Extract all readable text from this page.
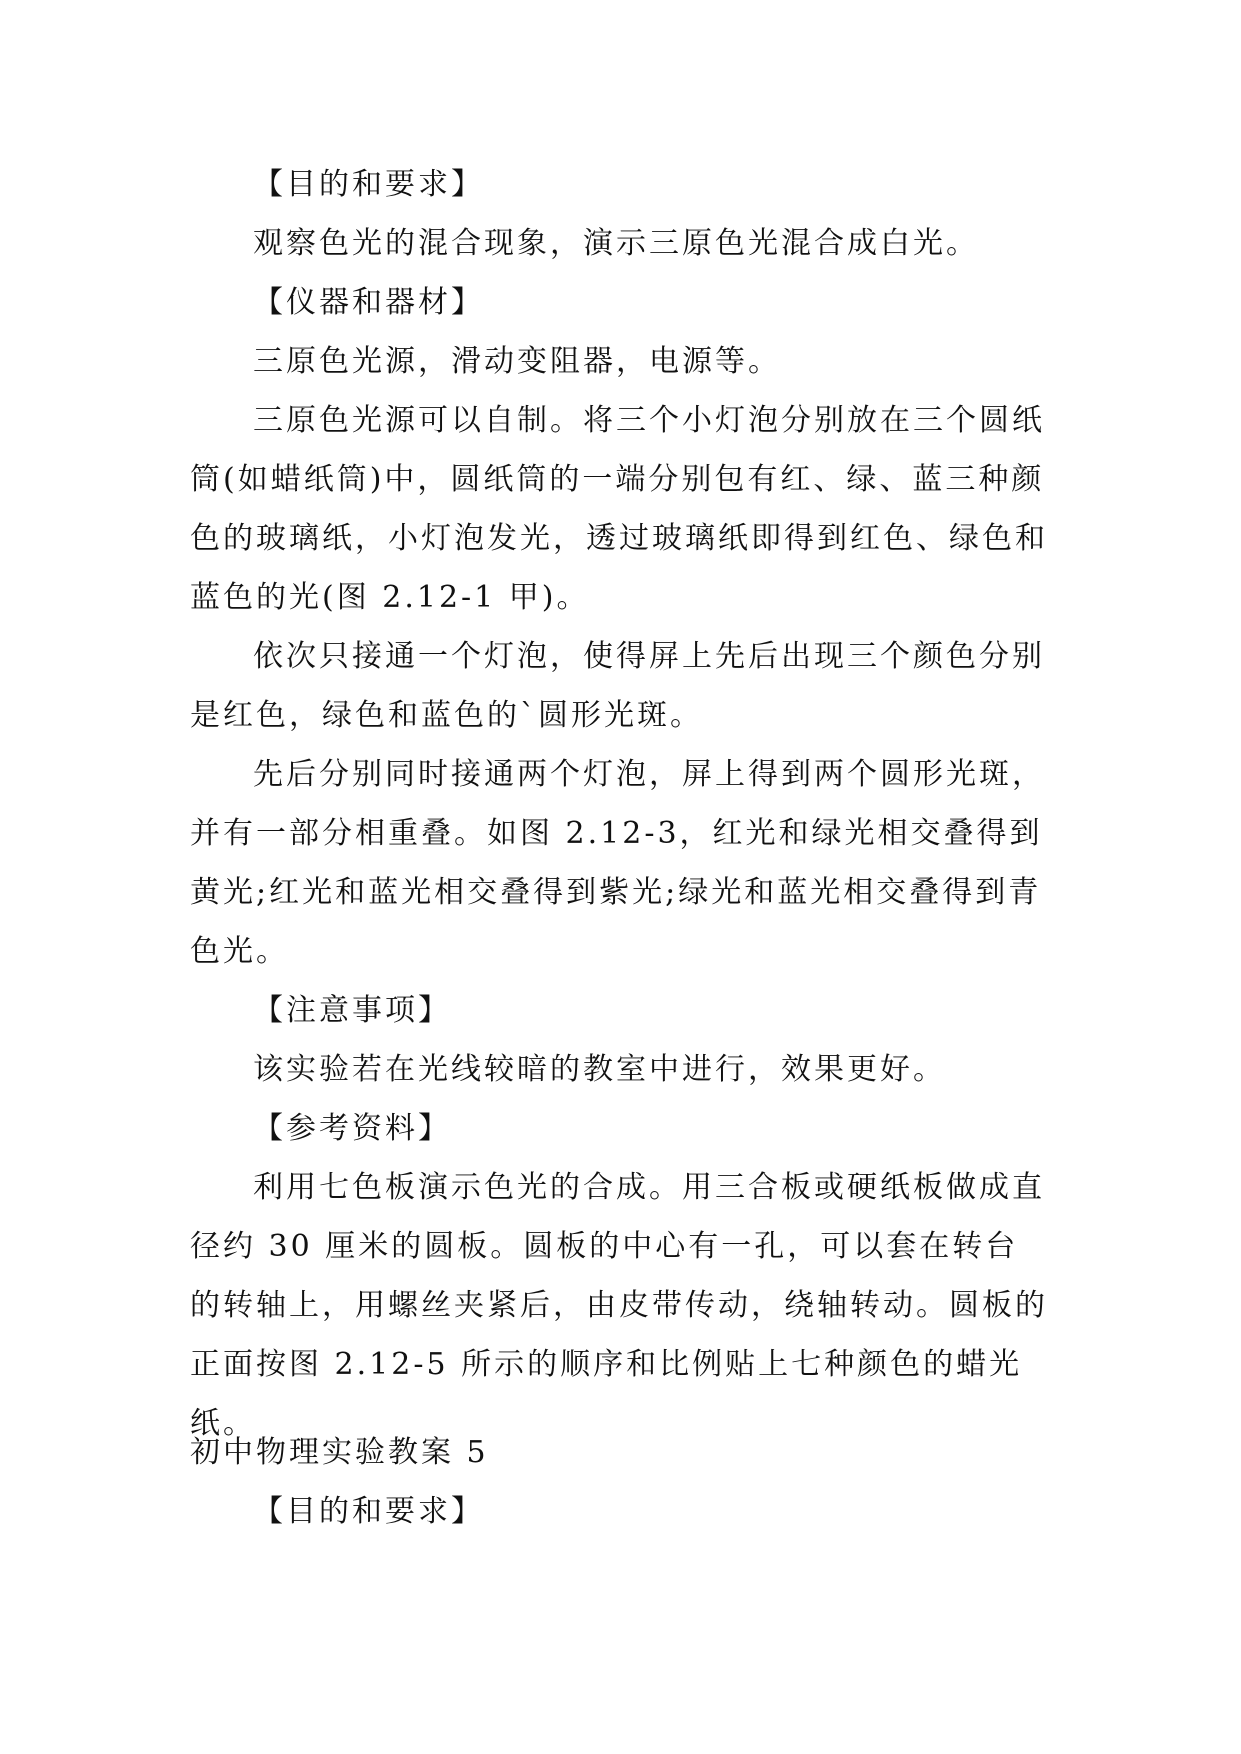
【目的和要求】

观察色光的混合现象，演示三原色光混合成白光。

【仪器和器材】

三原色光源，滑动变阻器，电源等。

三原色光源可以自制。将三个小灯泡分别放在三个圆纸筒(如蜡纸筒)中，圆纸筒的一端分别包有红、绿、蓝三种颜色的玻璃纸，小灯泡发光，透过玻璃纸即得到红色、绿色和蓝色的光(图 2.12-1 甲)。

依次只接通一个灯泡，使得屏上先后出现三个颜色分别是红色，绿色和蓝色的`圆形光斑。

先后分别同时接通两个灯泡，屏上得到两个圆形光斑，并有一部分相重叠。如图 2.12-3，红光和绿光相交叠得到黄光;红光和蓝光相交叠得到紫光;绿光和蓝光相交叠得到青色光。

【注意事项】

该实验若在光线较暗的教室中进行，效果更好。

【参考资料】

利用七色板演示色光的合成。用三合板或硬纸板做成直径约 30 厘米的圆板。圆板的中心有一孔，可以套在转台的转轴上，用螺丝夹紧后，由皮带传动，绕轴转动。圆板的正面按图 2.12-5 所示的顺序和比例贴上七种颜色的蜡光纸。

初中物理实验教案 5

【目的和要求】
